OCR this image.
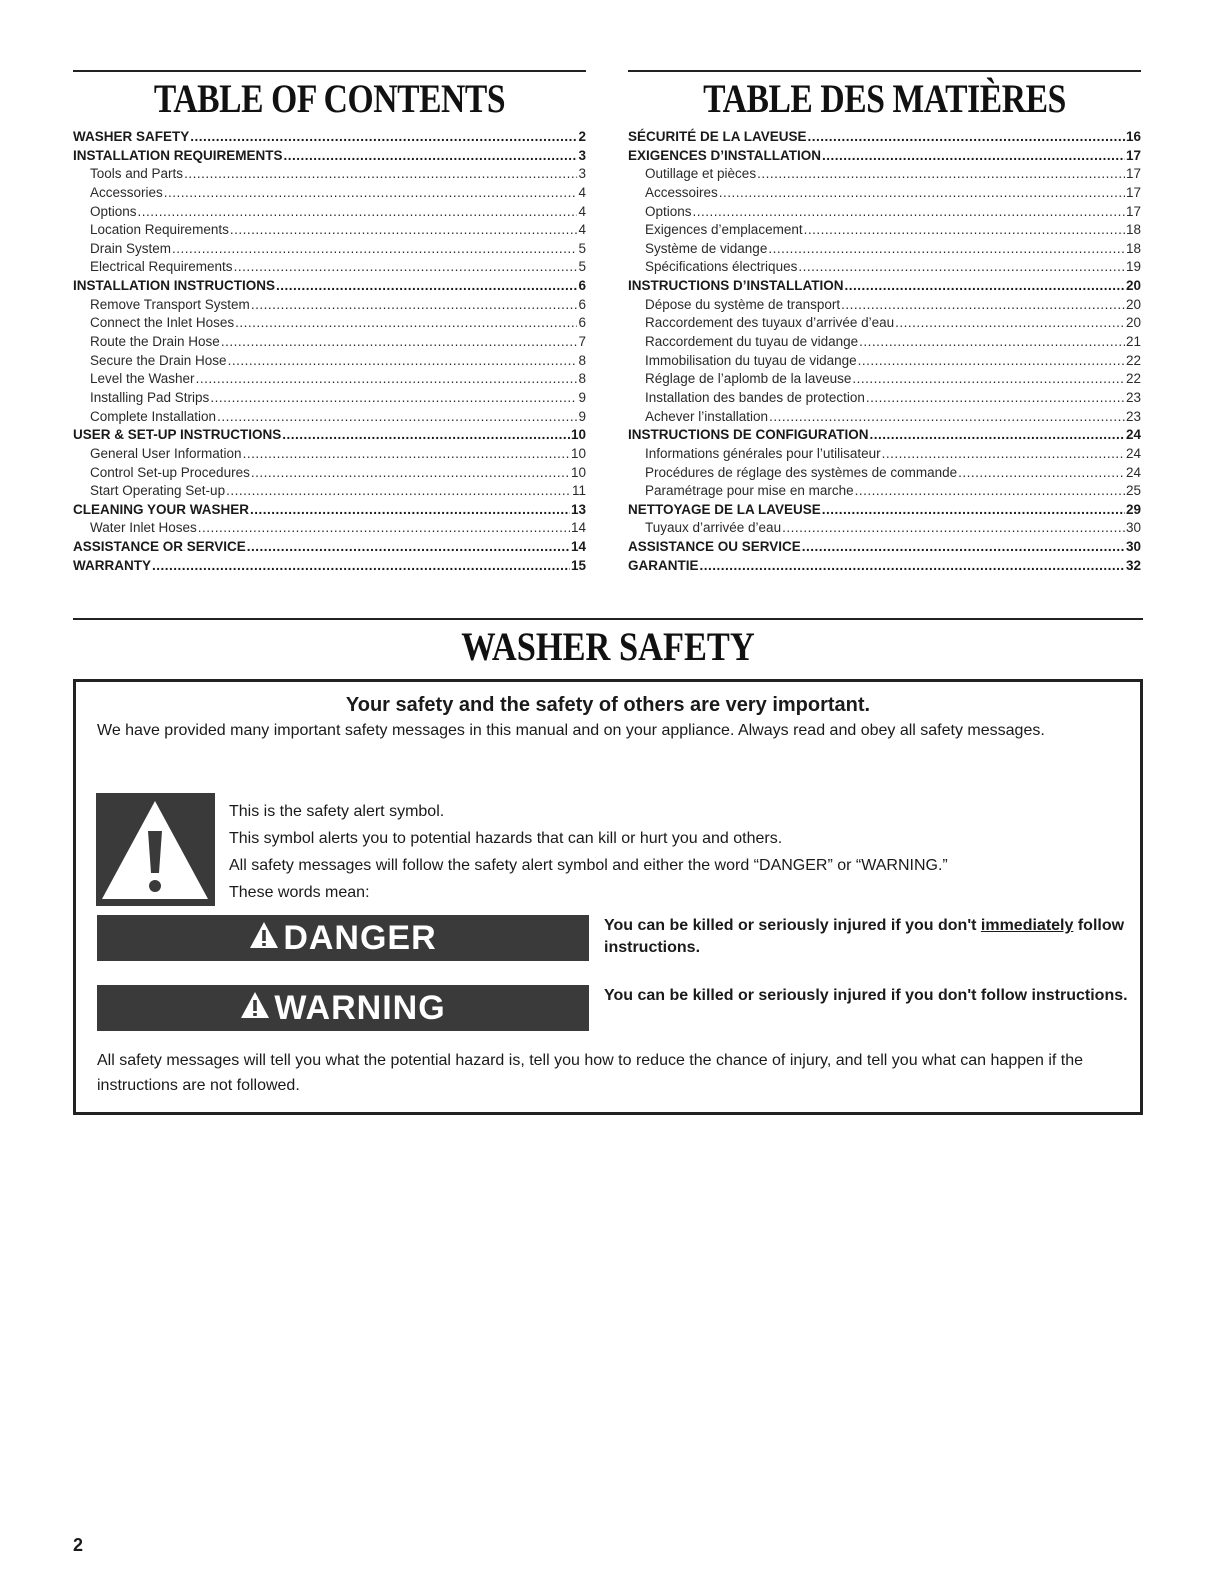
TABLE OF CONTENTS
WASHER SAFETY .....	2
INSTALLATION REQUIREMENTS .....	3
Tools and Parts .....	3
Accessories .....	4
Options .....	4
Location Requirements .....	4
Drain System .....	5
Electrical Requirements .....	5
INSTALLATION INSTRUCTIONS .....	6
Remove Transport System .....	6
Connect the Inlet Hoses .....	6
Route the Drain Hose .....	7
Secure the Drain Hose .....	8
Level the Washer .....	8
Installing Pad Strips .....	9
Complete Installation .....	9
USER & SET-UP INSTRUCTIONS .....	10
General User Information .....	10
Control Set-up Procedures .....	10
Start Operating Set-up .....	11
CLEANING YOUR WASHER .....	13
Water Inlet Hoses .....	14
ASSISTANCE OR SERVICE .....	14
WARRANTY .....	15
TABLE DES MATIÈRES
SÉCURITÉ DE LA LAVEUSE .....	16
EXIGENCES D’INSTALLATION .....	17
Outillage et pièces .....	17
Accessoires .....	17
Options .....	17
Exigences d’emplacement .....	18
Système de vidange .....	18
Spécifications électriques .....	19
INSTRUCTIONS D’INSTALLATION .....	20
Dépose du système de transport .....	20
Raccordement des tuyaux d’arrivée d’eau .....	20
Raccordement du tuyau de vidange .....	21
Immobilisation du tuyau de vidange .....	22
Réglage de l’aplomb de la laveuse .....	22
Installation des bandes de protection .....	23
Achever l’installation .....	23
INSTRUCTIONS DE CONFIGURATION .....	24
Informations générales pour l’utilisateur .....	24
Procédures de réglage des systèmes de commande .....	24
Paramétrage pour mise en marche .....	25
NETTOYAGE DE LA LAVEUSE .....	29
Tuyaux d’arrivée d’eau .....	30
ASSISTANCE OU SERVICE .....	30
GARANTIE .....	32
WASHER SAFETY
Your safety and the safety of others are very important.
We have provided many important safety messages in this manual and on your appliance. Always read and obey all safety messages.
This is the safety alert symbol.
This symbol alerts you to potential hazards that can kill or hurt you and others.
All safety messages will follow the safety alert symbol and either the word “DANGER” or “WARNING.”
These words mean:
DANGER	You can be killed or seriously injured if you don't immediately follow instructions.
WARNING	You can be killed or seriously injured if you don't follow instructions.
All safety messages will tell you what the potential hazard is, tell you how to reduce the chance of injury, and tell you what can happen if the instructions are not followed.
2
